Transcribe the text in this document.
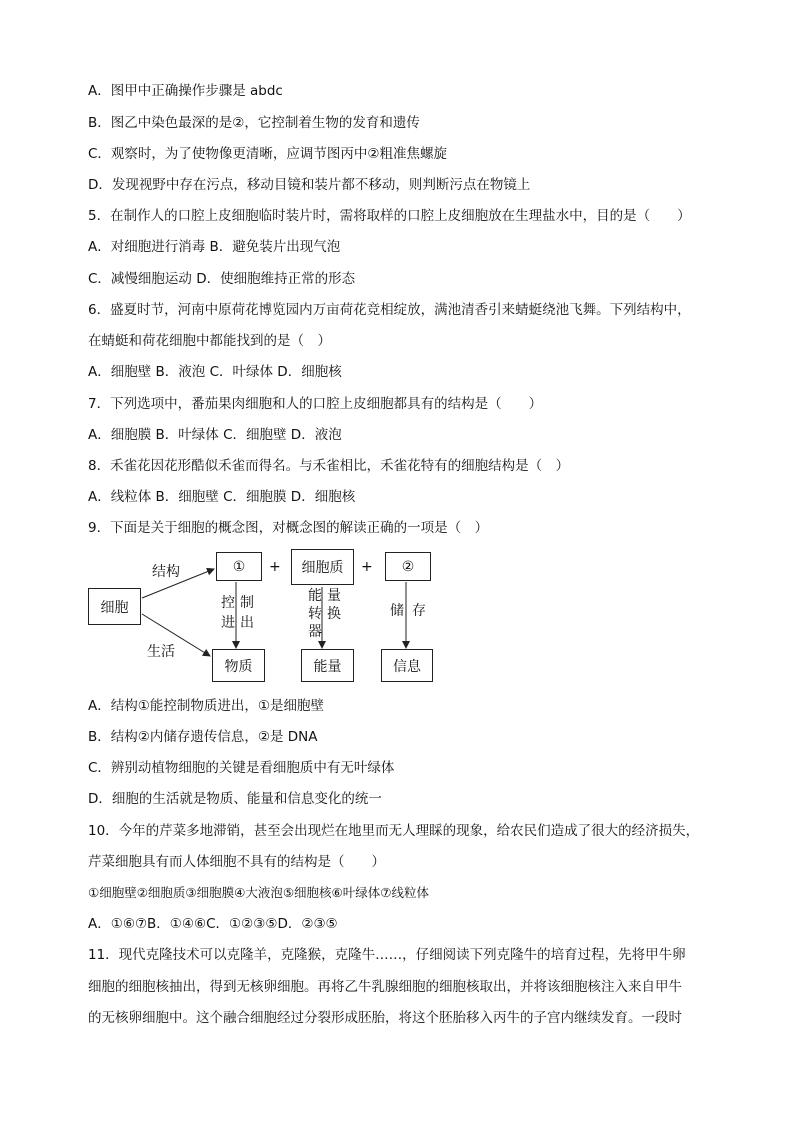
A．图甲中正确操作步骤是 abdc
B．图乙中染色最深的是②，它控制着生物的发育和遗传
C．观察时，为了使物像更清晰，应调节图丙中②粗准焦螺旋
D．发现视野中存在污点，移动目镜和装片都不移动，则判断污点在物镜上
5．在制作人的口腔上皮细胞临时装片时，需将取样的口腔上皮细胞放在生理盐水中，目的是（　　）
A．对细胞进行消毒 B．避免装片出现气泡
C．减慢细胞运动 D．使细胞维持正常的形态
6．盛夏时节，河南中原荷花博览园内万亩荷花竞相绽放，满池清香引来蜻蜓绕池飞舞。下列结构中，
在蜻蜓和荷花细胞中都能找到的是（　）
A．细胞壁 B．液泡 C．叶绿体 D．细胞核
7．下列选项中，番茄果肉细胞和人的口腔上皮细胞都具有的结构是（　　）
A．细胞膜 B．叶绿体 C．细胞壁 D．液泡
8．禾雀花因花形酷似禾雀而得名。与禾雀相比，禾雀花特有的细胞结构是（　）
A．线粒体 B．细胞壁 C．细胞膜 D．细胞核
9．下面是关于细胞的概念图，对概念图的解读正确的一项是（　）
细胞
结构
生活
①	+	细胞质	+	②
控进
制出
能转器
量换	储 存
物质	能量	信息
A．结构①能控制物质进出，①是细胞壁
B．结构②内储存遗传信息，②是 DNA
C．辨别动植物细胞的关键是看细胞质中有无叶绿体
D．细胞的生活就是物质、能量和信息变化的统一
10．今年的芹菜多地滞销，甚至会出现烂在地里而无人理睬的现象，给农民们造成了很大的经济损失，
芹菜细胞具有而人体细胞不具有的结构是（　　）
①细胞壁②细胞质③细胞膜④大液泡⑤细胞核⑥叶绿体⑦线粒体
A．①⑥⑦B．①④⑥C．①②③⑤D．②③⑤
11．现代克隆技术可以克隆羊，克隆猴，克隆牛……，仔细阅读下列克隆牛的培育过程，先将甲牛卵
细胞的细胞核抽出，得到无核卵细胞。再将乙牛乳腺细胞的细胞核取出，并将该细胞核注入来自甲牛
的无核卵细胞中。这个融合细胞经过分裂形成胚胎，将这个胚胎移入丙牛的子宫内继续发育。一段时
